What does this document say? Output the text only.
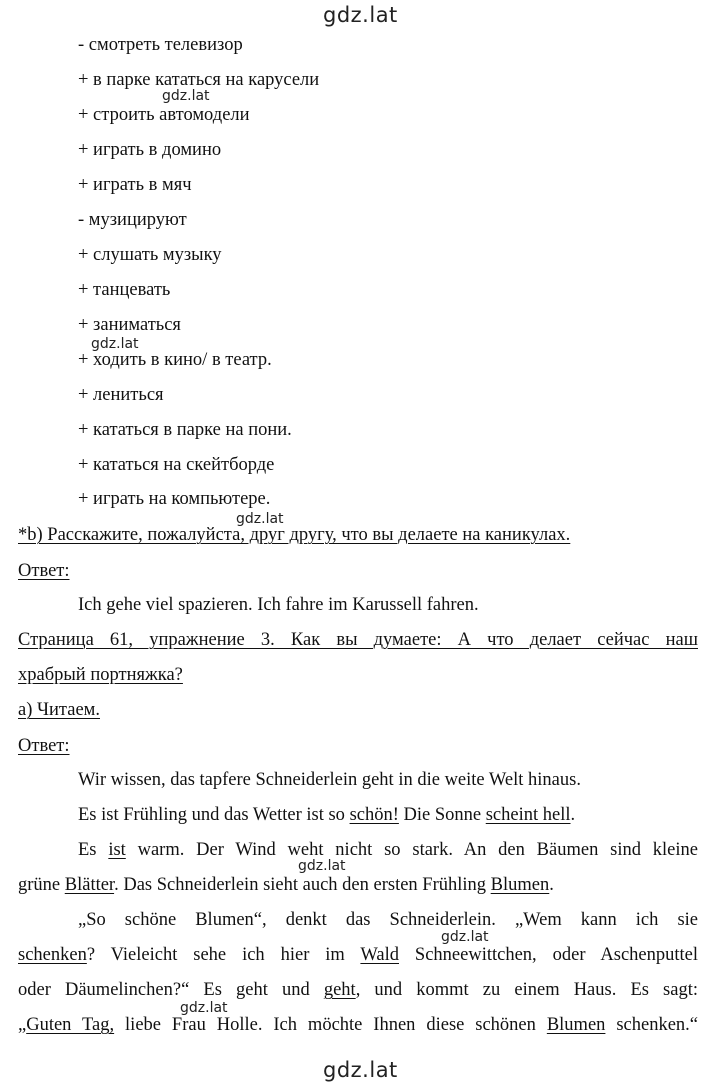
gdz.lat
gdz.lat
gdz.lat
gdz.lat
gdz.lat
gdz.lat
gdz.lat
gdz.lat
- смотреть телевизор
+ в парке кататься на карусели
+ строить автомодели
+ играть в домино
+ играть в мяч
- музицируют
+ слушать музыку
+ танцевать
+ заниматься
+ ходить в кино/ в театр.
+ лениться
+ кататься в парке на пони.
+ кататься на скейтборде
+ играть на компьютере.
*b) Расскажите, пожалуйста, друг другу, что вы делаете на каникулах.
Ответ:
Ich gehe viel spazieren. Ich fahre im Karussell fahren.
Страница 61, упражнение 3. Как вы думаете: А что делает сейчас наш
храбрый портняжка?
а) Читаем.
Ответ:
Wir wissen, das tapfere Schneiderlein geht in die weite Welt hinaus.
Es ist Frühling und das Wetter ist so schön! Die Sonne scheint hell.
Es ist warm. Der Wind weht nicht so stark. An den Bäumen sind kleine
grüne Blätter. Das Schneiderlein sieht auch den ersten Frühling Blumen.
„So schöne Blumen“, denkt das Schneiderlein. „Wem kann ich sie
schenken? Vieleicht sehe ich hier im Wald Schneewittchen, oder Aschenputtel
oder Däumelinchen?“ Es geht und geht, und kommt zu einem Haus. Es sagt:
„Guten Tag, liebe Frau Holle. Ich möchte Ihnen diese schönen Blumen schenken.“
